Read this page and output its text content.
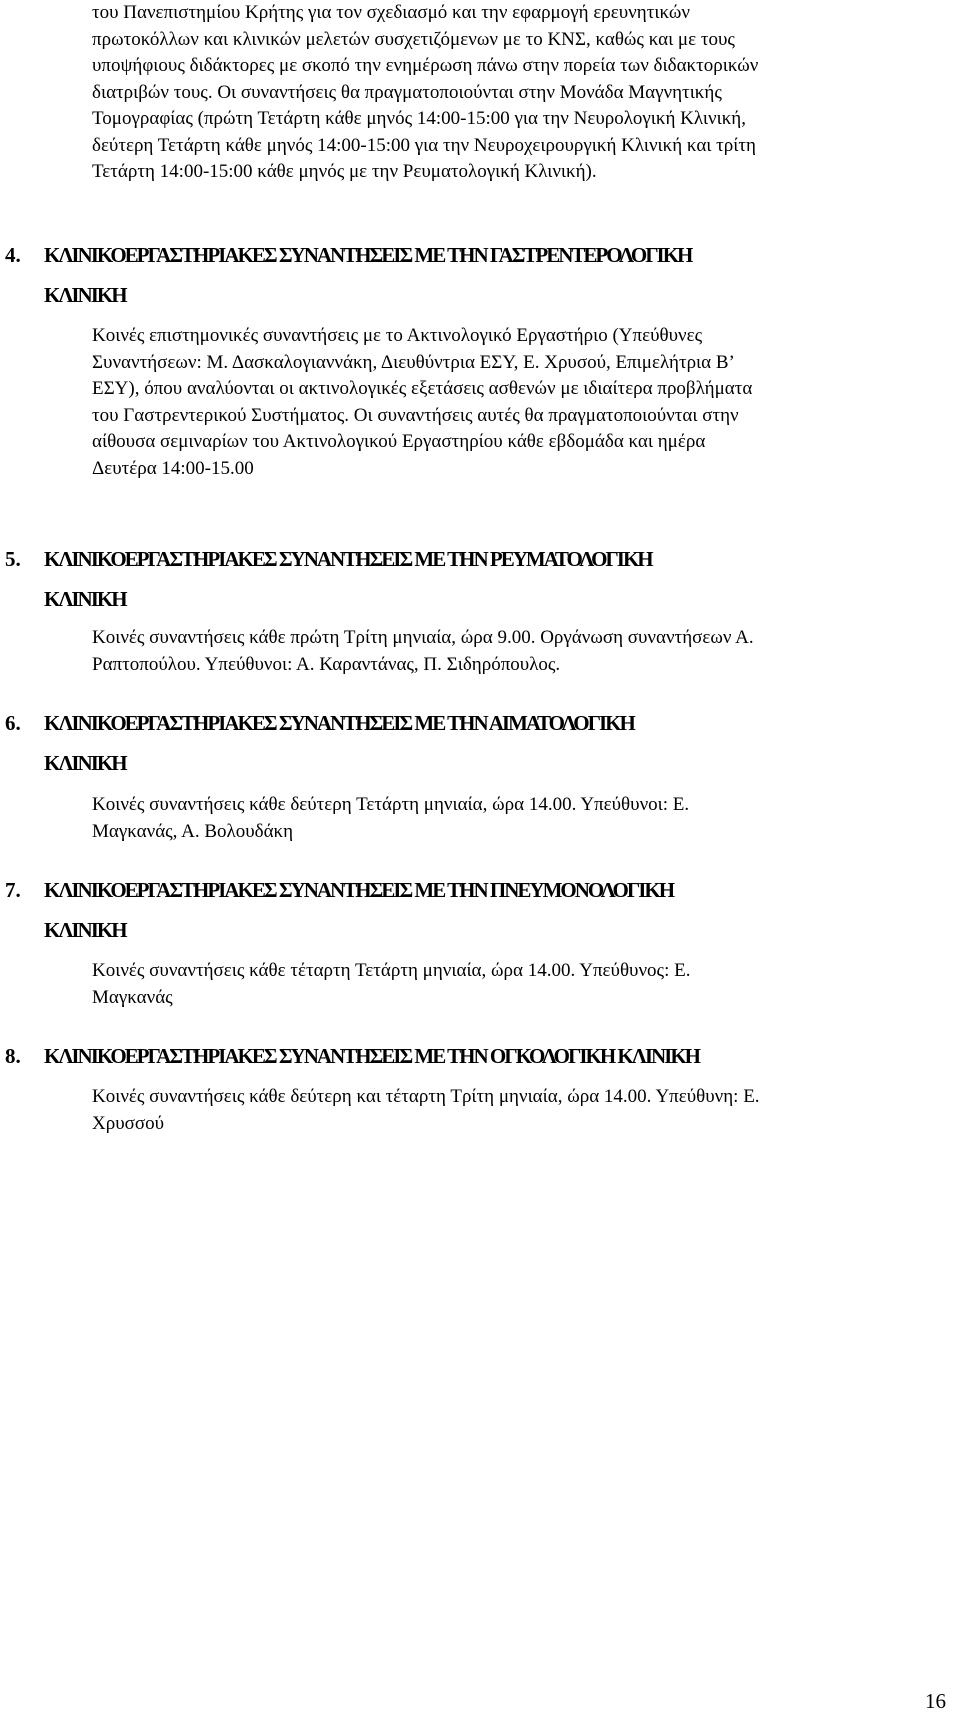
του Πανεπιστημίου Κρήτης για τον σχεδιασμό και την εφαρμογή ερευνητικών
πρωτοκόλλων και κλινικών μελετών συσχετιζόμενων με το ΚΝΣ, καθώς και με τους
υποψήφιους διδάκτορες με σκοπό την ενημέρωση πάνω στην πορεία των διδακτορικών
διατριβών τους. Οι συναντήσεις θα πραγματοποιούνται στην Μονάδα Μαγνητικής
Τομογραφίας (πρώτη Τετάρτη κάθε μηνός 14:00-15:00 για την Νευρολογική Κλινική,
δεύτερη Τετάρτη κάθε μηνός 14:00-15:00 για την Νευροχειρουργική Κλινική και τρίτη
Τετάρτη 14:00-15:00 κάθε μηνός με την Ρευματολογική Κλινική).
4. ΚΛΙΝΙΚΟΕΡΓΑΣΤΗΡΙΑΚΕΣ ΣΥΝΑΝΤΗΣΕΙΣ ΜΕ ΤΗΝ ΓΑΣΤΡΕΝΤΕΡΟΛΟΓΙΚΗ
ΚΛΙΝΙΚΗ
Κοινές επιστημονικές συναντήσεις με το Ακτινολογικό Εργαστήριο (Υπεύθυνες
Συναντήσεων: Μ. Δασκαλογιαννάκη, Διευθύντρια ΕΣΥ, Ε. Χρυσού, Επιμελήτρια Β’
ΕΣΥ), όπου αναλύονται οι ακτινολογικές εξετάσεις ασθενών με ιδιαίτερα προβλήματα
του Γαστρεντερικού Συστήματος. Οι συναντήσεις αυτές θα πραγματοποιούνται στην
αίθουσα σεμιναρίων του Ακτινολογικού Εργαστηρίου κάθε εβδομάδα και ημέρα
Δευτέρα 14:00-15.00
5. ΚΛΙΝΙΚΟΕΡΓΑΣΤΗΡΙΑΚΕΣ ΣΥΝΑΝΤΗΣΕΙΣ ΜΕ ΤΗΝ ΡΕΥΜΑΤΟΛΟΓΙΚΗ
ΚΛΙΝΙΚΗ
Κοινές συναντήσεις κάθε πρώτη Τρίτη μηνιαία, ώρα 9.00. Οργάνωση συναντήσεων Α.
Ραπτοπούλου. Υπεύθυνοι: Α. Καραντάνας, Π. Σιδηρόπουλος.
6. ΚΛΙΝΙΚΟΕΡΓΑΣΤΗΡΙΑΚΕΣ ΣΥΝΑΝΤΗΣΕΙΣ ΜΕ ΤΗΝ ΑΙΜΑΤΟΛΟΓΙΚΗ
ΚΛΙΝΙΚΗ
Κοινές συναντήσεις κάθε δεύτερη Τετάρτη μηνιαία, ώρα 14.00. Υπεύθυνοι: Ε.
Μαγκανάς, Α. Βολουδάκη
7. ΚΛΙΝΙΚΟΕΡΓΑΣΤΗΡΙΑΚΕΣ ΣΥΝΑΝΤΗΣΕΙΣ ΜΕ ΤΗΝ ΠΝΕΥΜΟΝΟΛΟΓΙΚΗ
ΚΛΙΝΙΚΗ
Κοινές συναντήσεις κάθε τέταρτη Τετάρτη μηνιαία, ώρα 14.00. Υπεύθυνος: Ε.
Μαγκανάς
8. ΚΛΙΝΙΚΟΕΡΓΑΣΤΗΡΙΑΚΕΣ ΣΥΝΑΝΤΗΣΕΙΣ ΜΕ ΤΗΝ ΟΓΚΟΛΟΓΙΚΗ ΚΛΙΝΙΚΗ
Κοινές συναντήσεις κάθε δεύτερη και τέταρτη Τρίτη μηνιαία, ώρα 14.00. Υπεύθυνη: Ε.
Χρυσσού
16
